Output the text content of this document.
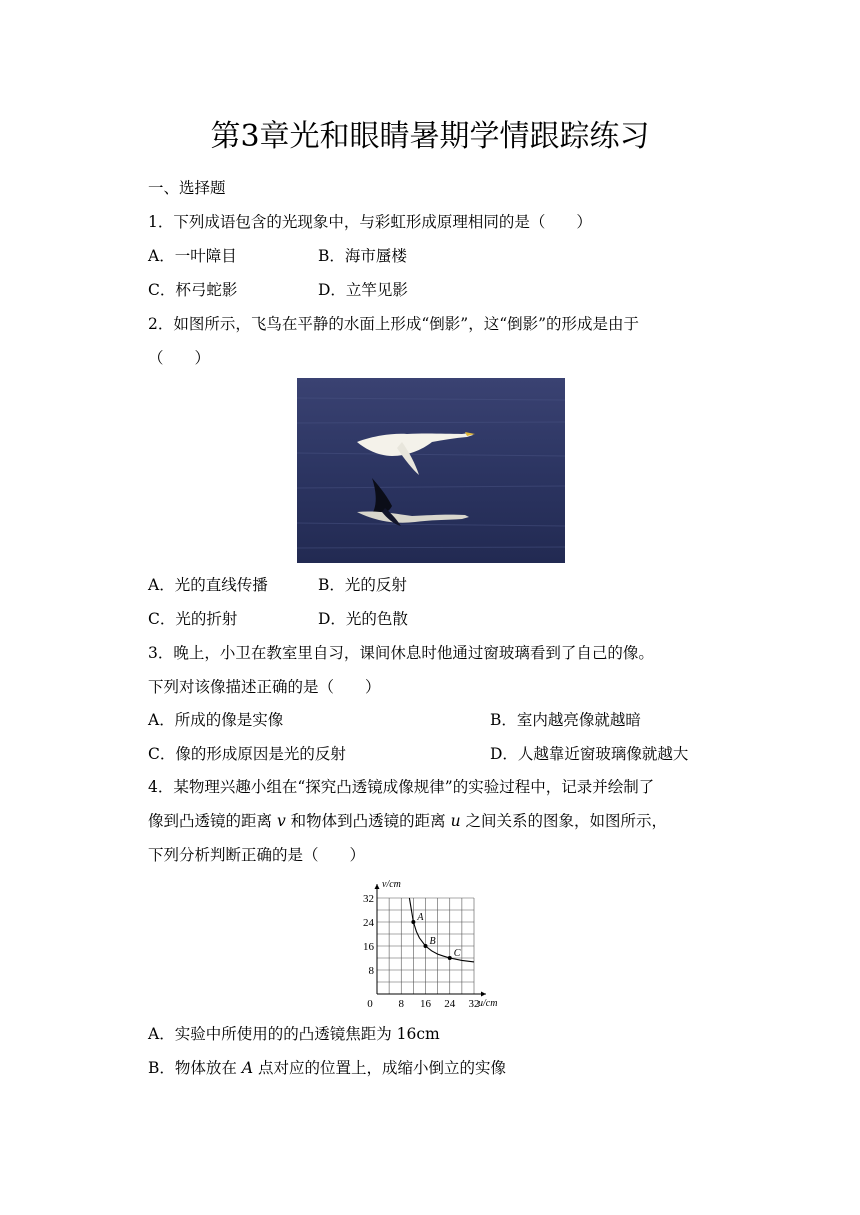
第3章光和眼睛暑期学情跟踪练习
一、选择题
1．下列成语包含的光现象中，与彩虹形成原理相同的是（　　）
A．一叶障目	B．海市蜃楼
C．杯弓蛇影	D．立竿见影
2．如图所示，飞鸟在平静的水面上形成“倒影”，这“倒影”的形成是由于
（　　）
A．光的直线传播	B．光的反射
C．光的折射	D．光的色散
3．晚上，小卫在教室里自习，课间休息时他通过窗玻璃看到了自己的像。
下列对该像描述正确的是（　　）
A．所成的像是实像	B．室内越亮像就越暗
C．像的形成原因是光的反射	D．人越靠近窗玻璃像就越大
4．某物理兴趣小组在“探究凸透镜成像规律”的实验过程中，记录并绘制了
像到凸透镜的距离 v 和物体到凸透镜的距离 u 之间关系的图象，如图所示，
下列分析判断正确的是（　　）
v/cm
u/cm
8
16
24
32
0 8 16 24 32
A
B
C
A．实验中所使用的的凸透镜焦距为 16cm
B．物体放在 A 点对应的位置上，成缩小倒立的实像
